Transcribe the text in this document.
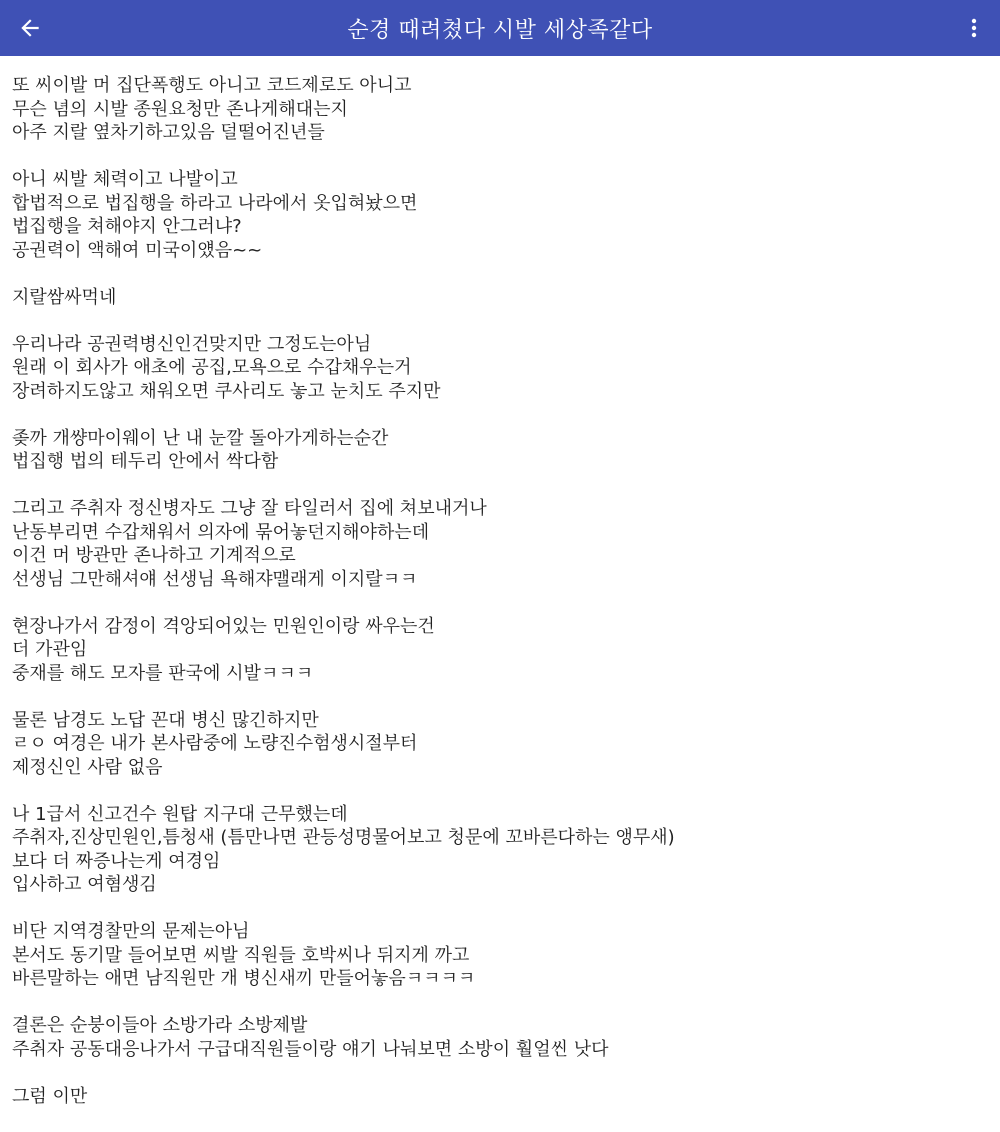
순경 때려쳤다 시발 세상족같다
또 씨이발 머 집단폭행도 아니고 코드제로도 아니고
무슨 념의 시발 종원요청만 존나게해대는지
아주 지랄 옆차기하고있음 덜떨어진년들
아니 씨발 체력이고 나발이고
합법적으로 법집행을 하라고 나라에서 옷입혀놨으면
법집행을 쳐해야지 안그러냐?
공권력이 액해여 미국이얬음~~
지랄쌈싸먹네
우리나라 공권력병신인건맞지만 그정도는아님
원래 이 회사가 애초에 공집,모욕으로 수갑채우는거
장려하지도않고 채워오면 쿠사리도 놓고 눈치도 주지만
좆까 개썅마이웨이 난 내 눈깔 돌아가게하는순간
법집행 법의 테두리 안에서 싹다함
그리고 주취자 정신병자도 그냥 잘 타일러서 집에 쳐보내거나
난동부리면 수갑채워서 의자에 묶어놓던지해야하는데
이건 머 방관만 존나하고 기계적으로
선생님 그만해셔얘 선생님 욕해쟈맬래게 이지랄ㅋㅋ
현장나가서 감정이 격앙되어있는 민원인이랑 싸우는건
더 가관임
중재를 해도 모자를 판국에 시발ㅋㅋㅋ
물론 남경도 노답 꼰대 병신 많긴하지만
ㄹㅇ 여경은 내가 본사람중에 노량진수험생시절부터
제정신인 사람 없음
나 1급서 신고건수 원탑 지구대 근무했는데
주취자,진상민원인,틈청새 (틈만나면 관등성명물어보고 청문에 꼬바른다하는 앵무새)
보다 더 짜증나는게 여경임
입사하고 여혐생김
비단 지역경찰만의 문제는아님
본서도 동기말 들어보면 씨발 직원들 호박씨나 뒤지게 까고
바른말하는 애면 남직원만 개 병신새끼 만들어놓음ㅋㅋㅋㅋ
결론은 순붕이들아 소방가라 소방제발
주취자 공동대응나가서 구급대직원들이랑 얘기 나눠보면 소방이 훨얼씬 낫다
그럼 이만
